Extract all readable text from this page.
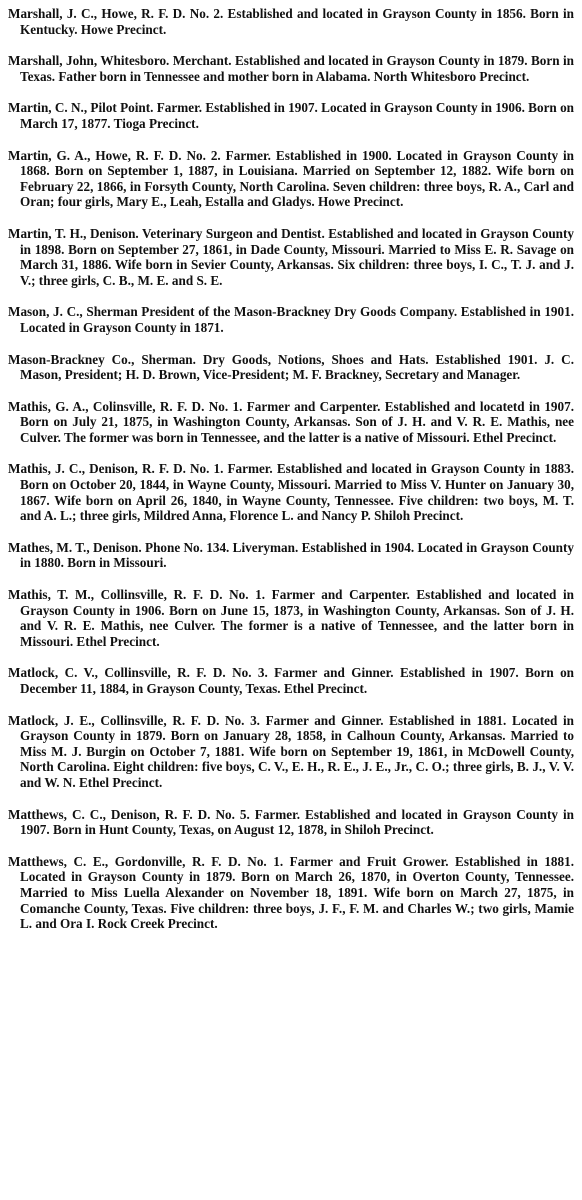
Marshall, J. C., Howe, R. F. D. No. 2. Established and located in Grayson County in 1856. Born in Kentucky. Howe Precinct.

Marshall, John, Whitesboro. Merchant. Established and located in Grayson County in 1879. Born in Texas. Father born in Tennessee and mother born in Alabama. North Whitesboro Precinct.

Martin, C. N., Pilot Point. Farmer. Established in 1907. Located in Grayson County in 1906. Born on March 17, 1877. Tioga Precinct.

Martin, G. A., Howe, R. F. D. No. 2. Farmer. Established in 1900. Located in Grayson County in 1868. Born on September 1, 1887, in Louisiana. Married on September 12, 1882. Wife born on February 22, 1866, in Forsyth County, North Carolina. Seven children: three boys, R. A., Carl and Oran; four girls, Mary E., Leah, Estalla and Gladys. Howe Precinct.

Martin, T. H., Denison. Veterinary Surgeon and Dentist. Established and located in Grayson County in 1898. Born on September 27, 1861, in Dade County, Missouri. Married to Miss E. R. Savage on March 31, 1886. Wife born in Sevier County, Arkansas. Six children: three boys, I. C., T. J. and J. V.; three girls, C. B., M. E. and S. E.

Mason, J. C., Sherman President of the Mason-Brackney Dry Goods Company. Established in 1901. Located in Grayson County in 1871.

Mason-Brackney Co., Sherman. Dry Goods, Notions, Shoes and Hats. Established 1901. J. C. Mason, President; H. D. Brown, Vice-President; M. F. Brackney, Secretary and Manager.

Mathis, G. A., Colinsville, R. F. D. No. 1. Farmer and Carpenter. Established and locatetd in 1907. Born on July 21, 1875, in Washington County, Arkansas. Son of J. H. and V. R. E. Mathis, nee Culver. The former was born in Tennessee, and the latter is a native of Missouri. Ethel Precinct.

Mathis, J. C., Denison, R. F. D. No. 1. Farmer. Established and located in Grayson County in 1883. Born on October 20, 1844, in Wayne County, Missouri. Married to Miss V. Hunter on January 30, 1867. Wife born on April 26, 1840, in Wayne County, Tennessee. Five children: two boys, M. T. and A. L.; three girls, Mildred Anna, Florence L. and Nancy P. Shiloh Precinct.

Mathes, M. T., Denison. Phone No. 134. Liveryman. Established in 1904. Located in Grayson County in 1880. Born in Missouri.

Mathis, T. M., Collinsville, R. F. D. No. 1. Farmer and Carpenter. Established and located in Grayson County in 1906. Born on June 15, 1873, in Washington County, Arkansas. Son of J. H. and V. R. E. Mathis, nee Culver. The former is a native of Tennessee, and the latter born in Missouri. Ethel Precinct.

Matlock, C. V., Collinsville, R. F. D. No. 3. Farmer and Ginner. Established in 1907. Born on December 11, 1884, in Grayson County, Texas. Ethel Precinct.

Matlock, J. E., Collinsville, R. F. D. No. 3. Farmer and Ginner. Established in 1881. Located in Grayson County in 1879. Born on January 28, 1858, in Calhoun County, Arkansas. Married to Miss M. J. Burgin on October 7, 1881. Wife born on September 19, 1861, in McDowell County, North Carolina. Eight children: five boys, C. V., E. H., R. E., J. E., Jr., C. O.; three girls, B. J., V. V. and W. N. Ethel Precinct.

Matthews, C. C., Denison, R. F. D. No. 5. Farmer. Established and located in Grayson County in 1907. Born in Hunt County, Texas, on August 12, 1878, in Shiloh Precinct.

Matthews, C. E., Gordonville, R. F. D. No. 1. Farmer and Fruit Grower. Established in 1881. Located in Grayson County in 1879. Born on March 26, 1870, in Overton County, Tennessee. Married to Miss Luella Alexander on November 18, 1891. Wife born on March 27, 1875, in Comanche County, Texas. Five children: three boys, J. F., F. M. and Charles W.; two girls, Mamie L. and Ora I. Rock Creek Precinct.
